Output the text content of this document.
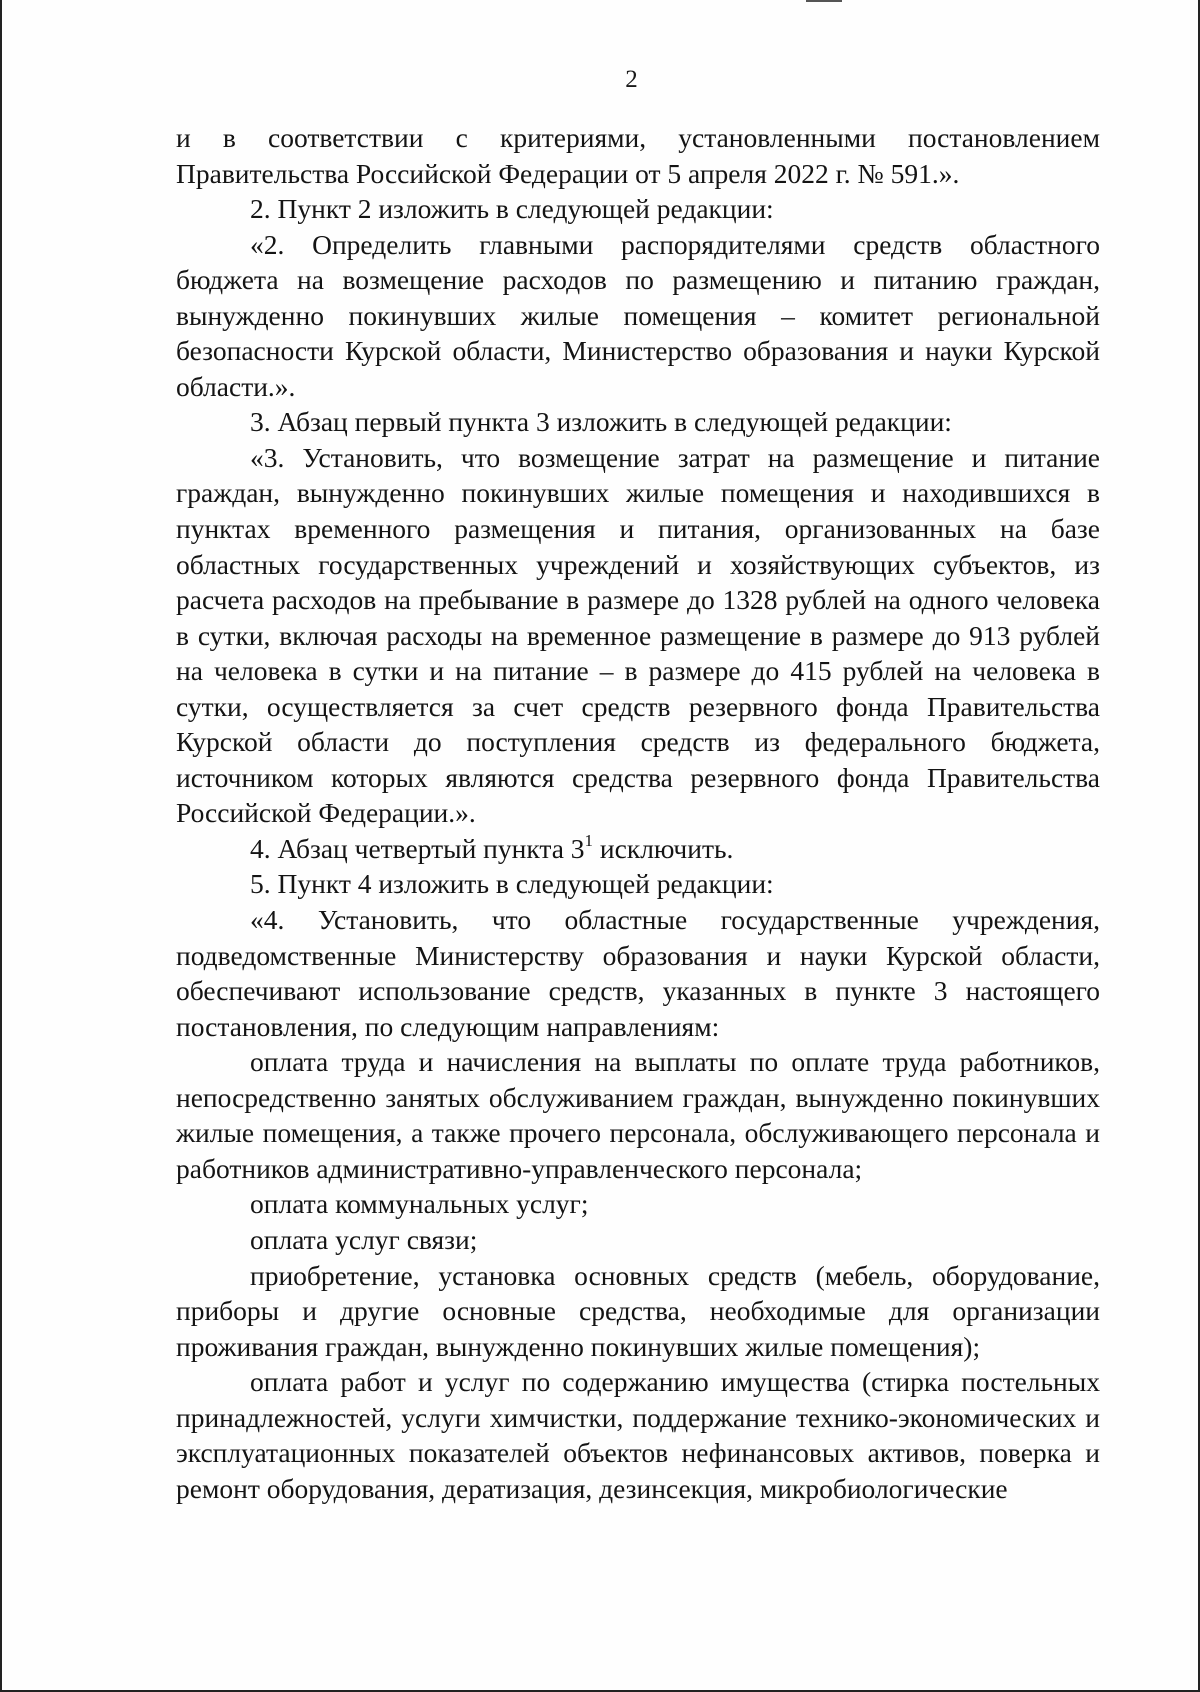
2

и в соответствии с критериями, установленными постановлением
Правительства Российской Федерации от 5 апреля 2022 г. № 591.».

2. Пункт 2 изложить в следующей редакции:

«2. Определить главными распорядителями средств областного бюджета на возмещение расходов по размещению и питанию граждан, вынужденно покинувших жилые помещения – комитет региональной безопасности Курской области, Министерство образования и науки Курской области.».

3. Абзац первый пункта 3 изложить в следующей редакции:

«3. Установить, что возмещение затрат на размещение и питание граждан, вынужденно покинувших жилые помещения и находившихся в пунктах временного размещения и питания, организованных на базе областных государственных учреждений и хозяйствующих субъектов, из расчета расходов на пребывание в размере до 1328 рублей на одного человека в сутки, включая расходы на временное размещение в размере до 913 рублей на человека в сутки и на питание – в размере до 415 рублей на человека в сутки, осуществляется за счет средств резервного фонда Правительства Курской области до поступления средств из федерального бюджета, источником которых являются средства резервного фонда Правительства Российской Федерации.».

4. Абзац четвертый пункта $3^1$ исключить.

5. Пункт 4 изложить в следующей редакции:

«4. Установить, что областные государственные учреждения, подведомственные Министерству образования и науки Курской области, обеспечивают использование средств, указанных в пункте 3 настоящего постановления, по следующим направлениям:

оплата труда и начисления на выплаты по оплате труда работников, непосредственно занятых обслуживанием граждан, вынужденно покинувших жилые помещения, а также прочего персонала, обслуживающего персонала и работников административно-управленческого персонала;

оплата коммунальных услуг;

оплата услуг связи;

приобретение, установка основных средств (мебель, оборудование, приборы и другие основные средства, необходимые для организации проживания граждан, вынужденно покинувших жилые помещения);

оплата работ и услуг по содержанию имущества (стирка постельных принадлежностей, услуги химчистки, поддержание технико-экономических и эксплуатационных показателей объектов нефинансовых активов, поверка и ремонт оборудования, дератизация, дезинсекция, микробиологические
